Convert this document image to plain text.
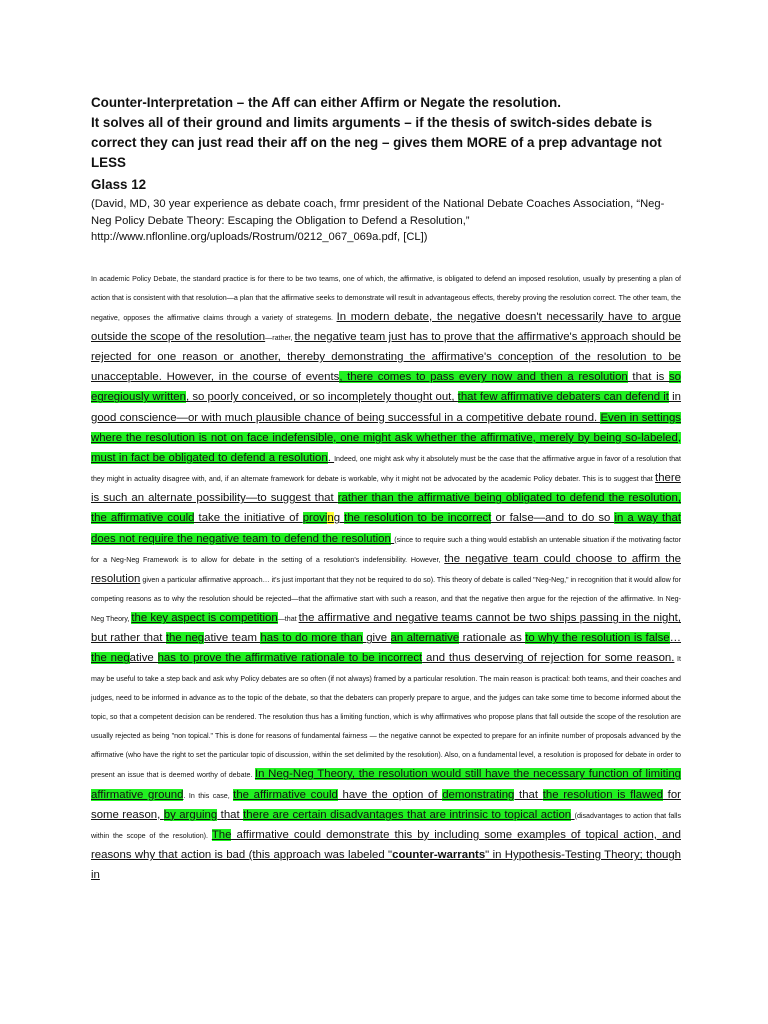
Counter-Interpretation – the Aff can either Affirm or Negate the resolution.

It solves all of their ground and limits arguments – if the thesis of switch-sides debate is correct they can just read their aff on the neg – gives them MORE of a prep advantage not LESS

Glass 12

(David, MD, 30 year experience as debate coach, frmr president of the National Debate Coaches Association, “Neg-Neg Policy Debate Theory: Escaping the Obligation to Defend a Resolution,” http://www.nflonline.org/uploads/Rostrum/0212_067_069a.pdf, [CL])

In academic Policy Debate, the standard practice is for there to be two teams, one of which, the affirmative, is obligated to defend an imposed resolution, usually by presenting a plan of action that is consistent with that resolution—a plan that the affirmative seeks to demonstrate will result in advantageous effects, thereby proving the resolution correct. The other team, the negative, opposes the affirmative claims through a variety of strategems. In modern debate, the negative doesn't necessarily have to argue outside the scope of the resolution—rather, the negative team just has to prove that the affirmative's approach should be rejected for one reason or another, thereby demonstrating the affirmative's conception of the resolution to be unacceptable. However, in the course of events, there comes to pass every now and then a resolution that is so egregiously written, so poorly conceived, or so incompletely thought out, that few affirmative debaters can defend it in good conscience—or with much plausible chance of being successful in a competitive debate round. Even in settings where the resolution is not on face indefensible, one might ask whether the affirmative, merely by being so-labeled, must in fact be obligated to defend a resolution. Indeed, one might ask why it absolutely must be the case that the affirmative argue in favor of a resolution that they might in actuality disagree with, and, if an alternate framework for debate is workable, why it might not be advocated by the academic Policy debater. This is to suggest that there is such an alternate possibility—to suggest that rather than the affirmative being obligated to defend the resolution, the affirmative could take the initiative of proving the resolution to be incorrect or false—and to do so in a way that does not require the negative team to defend the resolution (since to require such a thing would establish an untenable situation if the motivating factor for a Neg-Neg Framework is to allow for debate in the setting of a resolution's indefensibility. However, the negative team could choose to affirm the resolution given a particular affirmative approach… it's just important that they not be required to do so). This theory of debate is called "Neg-Neg," in recognition that it would allow for competing reasons as to why the resolution should be rejected—that the affirmative start with such a reason, and that the negative then argue for the rejection of the affirmative. In Neg-Neg Theory, the key aspect is competition—that the affirmative and negative teams cannot be two ships passing in the night, but rather that the negative team has to do more than give an alternative rationale as to why the resolution is false… the negative has to prove the affirmative rationale to be incorrect and thus deserving of rejection for some reason. It may be useful to take a step back and ask why Policy debates are so often (if not always) framed by a particular resolution. The main reason is practical: both teams, and their coaches and judges, need to be informed in advance as to the topic of the debate, so that the debaters can properly prepare to argue, and the judges can take some time to become informed about the topic, so that a competent decision can be rendered. The resolution thus has a limiting function, which is why affirmatives who propose plans that fall outside the scope of the resolution are usually rejected as being "non topical." This is done for reasons of fundamental fairness — the negative cannot be expected to prepare for an infinite number of proposals advanced by the affirmative (who have the right to set the particular topic of discussion, within the set delimited by the resolution). Also, on a fundamental level, a resolution is proposed for debate in order to present an issue that is deemed worthy of debate. In Neg-Neg Theory, the resolution would still have the necessary function of limiting affirmative ground. In this case, the affirmative could have the option of demonstrating that the resolution is flawed for some reason, by arguing that there are certain disadvantages that are intrinsic to topical action (disadvantages to action that falls within the scope of the resolution). The affirmative could demonstrate this by including some examples of topical action, and reasons why that action is bad (this approach was labeled "counter-warrants" in Hypothesis-Testing Theory; though in
